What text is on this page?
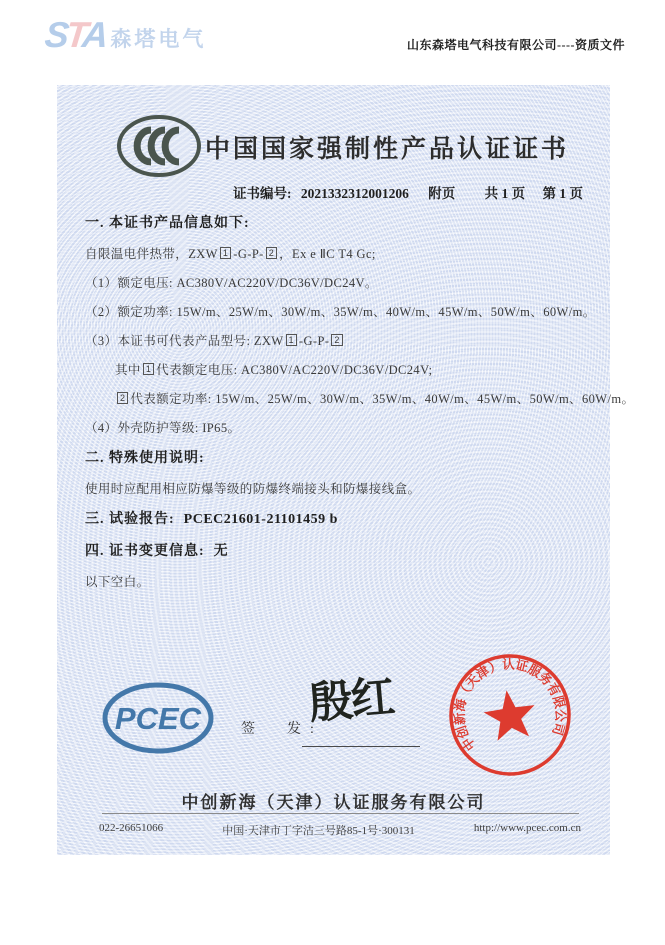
STA 森塔电气	山东森塔电气科技有限公司----资质文件
中国国家强制性产品认证证书
证书编号: 2021332312001206 附页 共 1 页 第 1 页
一. 本证书产品信息如下:
自限温电伴热带，ZXW 1 -G-P- 2 ，Ex e ⅡC T4 Gc;
（1）额定电压: AC380V/AC220V/DC36V/DC24V。
（2）额定功率: 15W/m、25W/m、30W/m、35W/m、40W/m、45W/m、50W/m、60W/m。
（3）本证书可代表产品型号: ZXW 1 -G-P- 2
其中 1 代表额定电压: AC380V/AC220V/DC36V/DC24V;
2 代表额定功率: 15W/m、25W/m、30W/m、35W/m、40W/m、45W/m、50W/m、60W/m。
（4）外壳防护等级: IP65。
二. 特殊使用说明:
使用时应配用相应防爆等级的防爆终端接头和防爆接线盒。
三. 试验报告: PCEC21601-21101459 b
四. 证书变更信息: 无
以下空白。
PCEC	签　发:
殷红
中创新海（天津）认证服务有限公司
中创新海（天津）认证服务有限公司
022-26651066	中国·天津市丁字沽三号路85-1号·300131	http://www.pcec.com.cn
